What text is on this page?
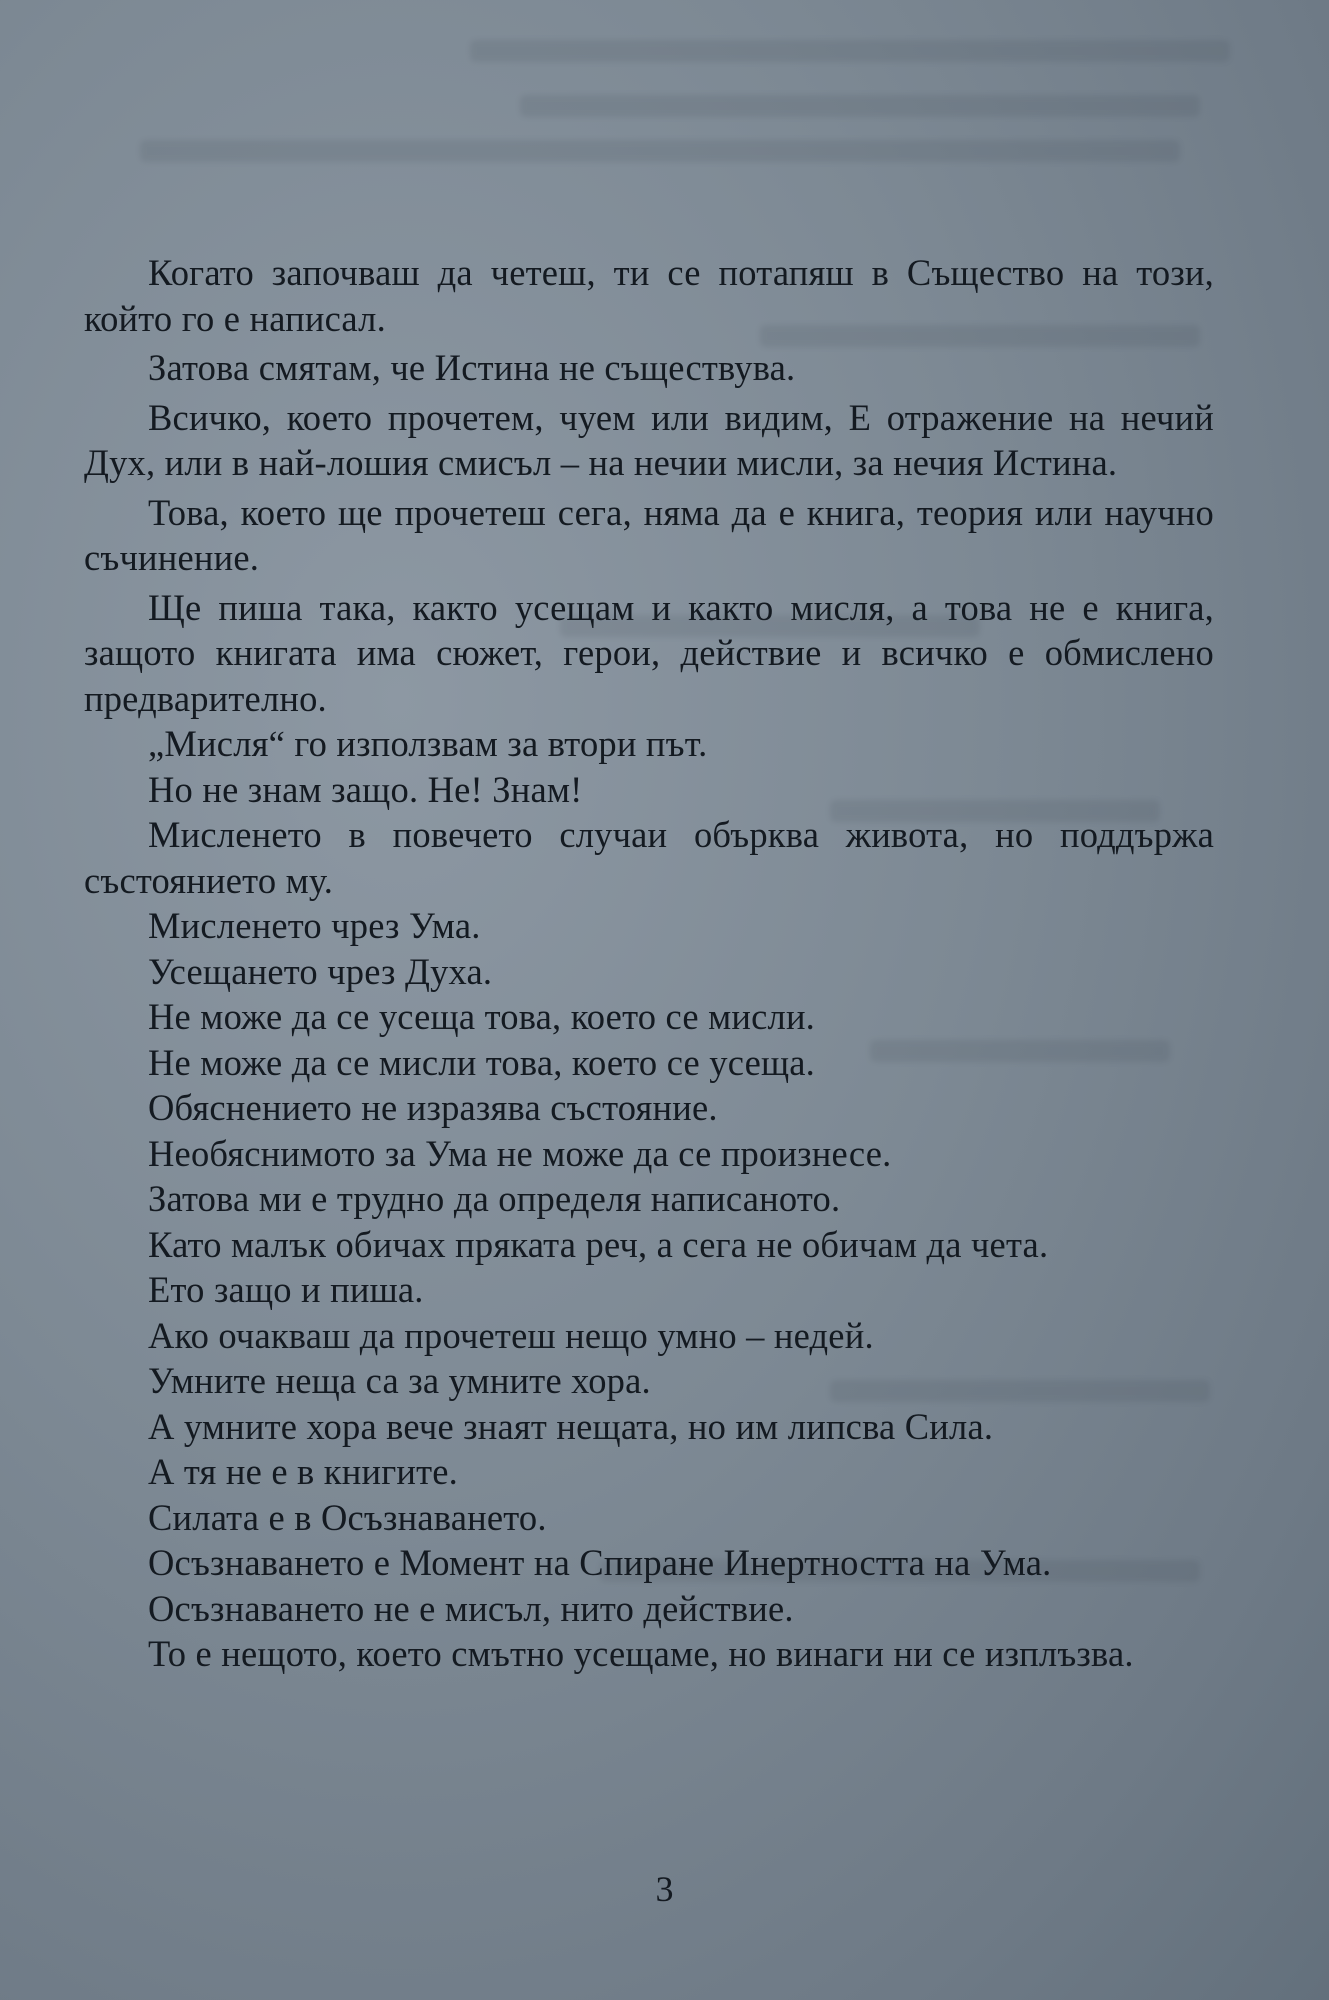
Когато започваш да четеш, ти се потапяш в Същество на този, който го е написал.

Затова смятам, че Истина не съществува.

Всичко, което прочетем, чуем или видим, Е отражение на нечий Дух, или в най-лошия смисъл – на нечии мисли, за нечия Истина.

Това, което ще прочетеш сега, няма да е книга, теория или научно съчинение.

Ще пиша така, както усещам и както мисля, а това не е книга, защото книгата има сюжет, герои, действие и всичко е обмислено предварително.

„Мисля“ го използвам за втори път.

Но не знам защо. Не! Знам!

Мисленето в повечето случаи обърква живота, но поддържа състоянието му.

Мисленето чрез Ума.

Усещането чрез Духа.

Не може да се усеща това, което се мисли.

Не може да се мисли това, което се усеща.

Обяснението не изразява състояние.

Необяснимото за Ума не може да се произнесе.

Затова ми е трудно да определя написаното.

Като малък обичах пряката реч, а сега не обичам да чета.

Ето защо и пиша.

Ако очакваш да прочетеш нещо умно – недей.

Умните неща са за умните хора.

А умните хора вече знаят нещата, но им липсва Сила.

А тя не е в книгите.

Силата е в Осъзнаването.

Осъзнаването е Момент на Спиране Инертността на Ума.

Осъзнаването не е мисъл, нито действие.

То е нещото, което смътно усещаме, но винаги ни се изплъзва.

3
